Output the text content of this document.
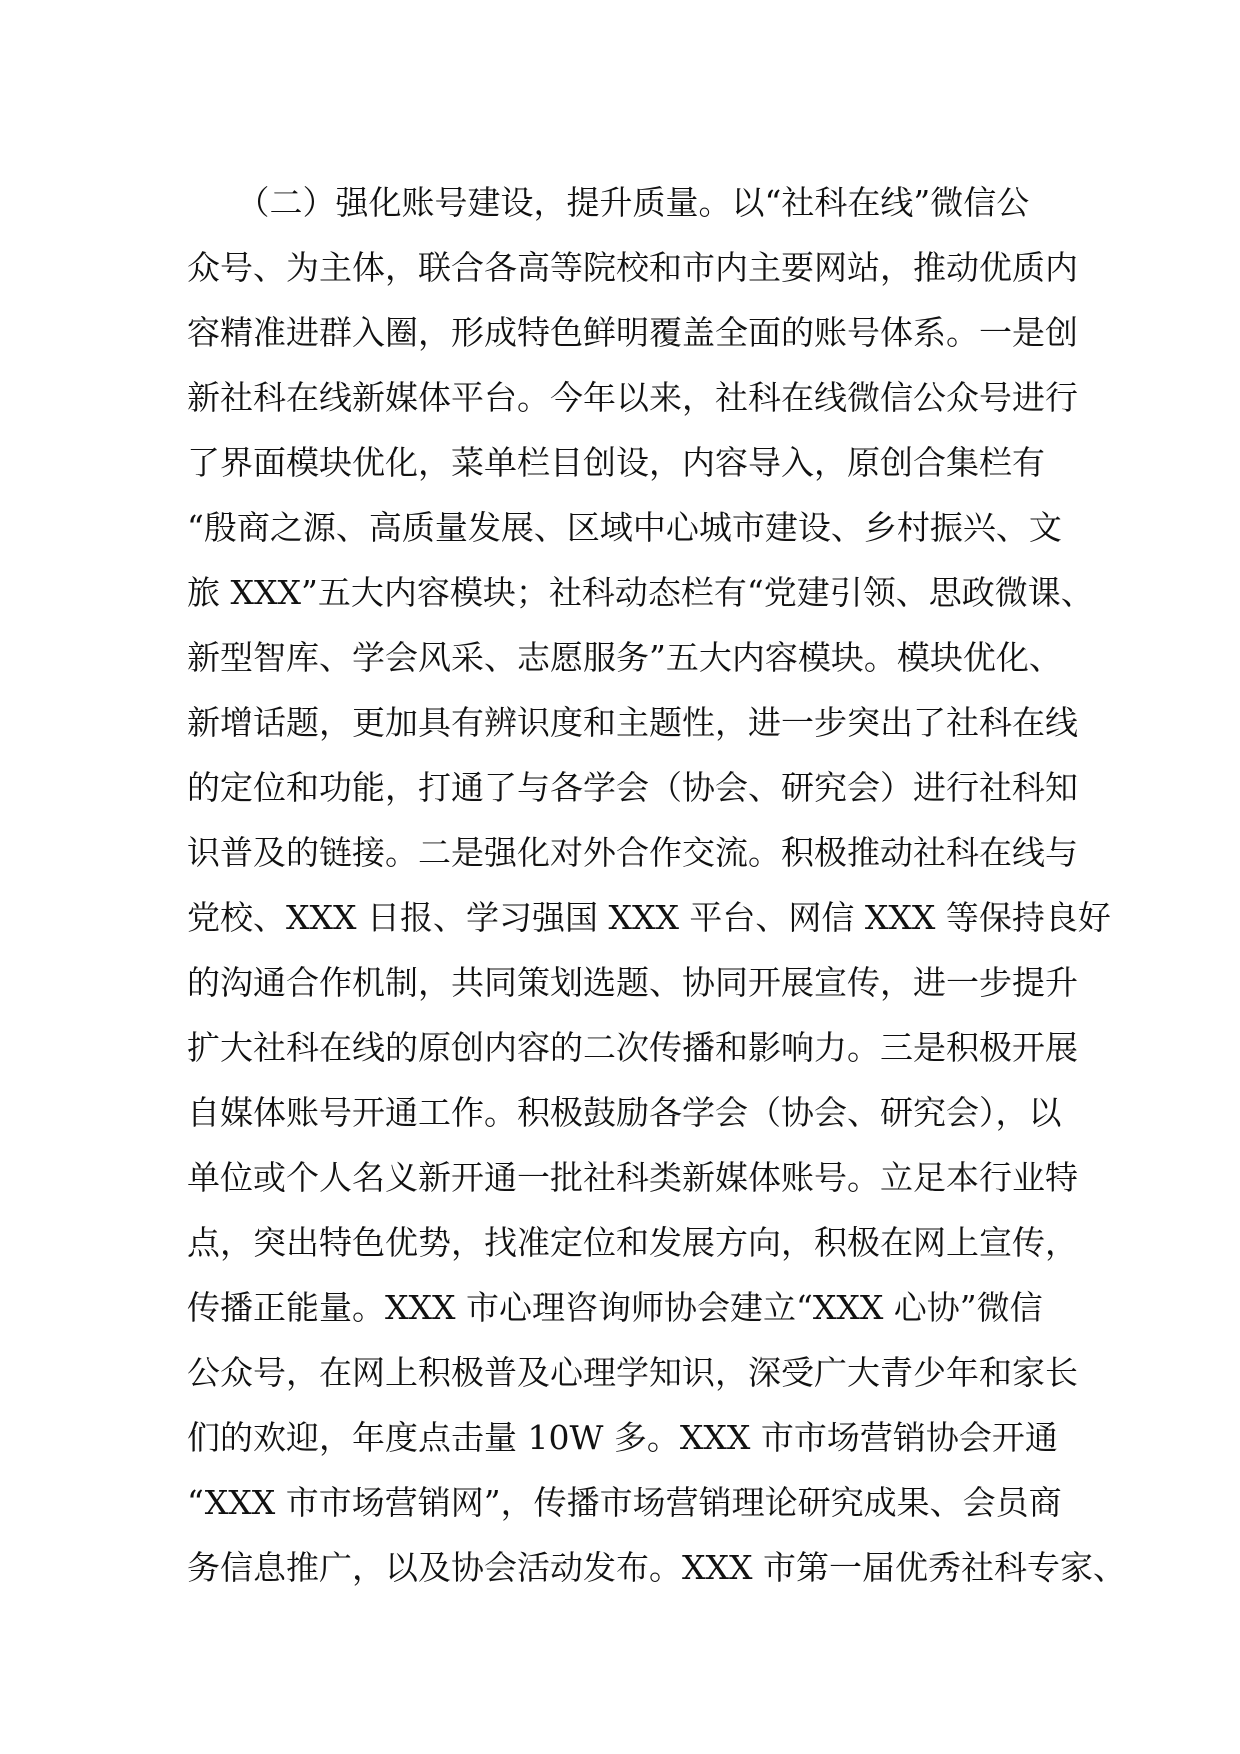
　　（二）强化账号建设，提升质量。以“社科在线”微信公
众号、为主体，联合各高等院校和市内主要网站，推动优质内
容精准进群入圈，形成特色鲜明覆盖全面的账号体系。一是创
新社科在线新媒体平台。今年以来，社科在线微信公众号进行
了界面模块优化，菜单栏目创设，内容导入，原创合集栏有
“殷商之源、高质量发展、区域中心城市建设、乡村振兴、文
旅 XXX”五大内容模块；社科动态栏有“党建引领、思政微课、
新型智库、学会风采、志愿服务”五大内容模块。模块优化、
新增话题，更加具有辨识度和主题性，进一步突出了社科在线
的定位和功能，打通了与各学会（协会、研究会）进行社科知
识普及的链接。二是强化对外合作交流。积极推动社科在线与
党校、XXX 日报、学习强国 XXX 平台、网信 XXX 等保持良好
的沟通合作机制，共同策划选题、协同开展宣传，进一步提升
扩大社科在线的原创内容的二次传播和影响力。三是积极开展
自媒体账号开通工作。积极鼓励各学会（协会、研究会），以
单位或个人名义新开通一批社科类新媒体账号。立足本行业特
点，突出特色优势，找准定位和发展方向，积极在网上宣传，
传播正能量。XXX 市心理咨询师协会建立“XXX 心协”微信
公众号，在网上积极普及心理学知识，深受广大青少年和家长
们的欢迎，年度点击量 10W 多。XXX 市市场营销协会开通
“XXX 市市场营销网”，传播市场营销理论研究成果、会员商
务信息推广，以及协会活动发布。XXX 市第一届优秀社科专家、
